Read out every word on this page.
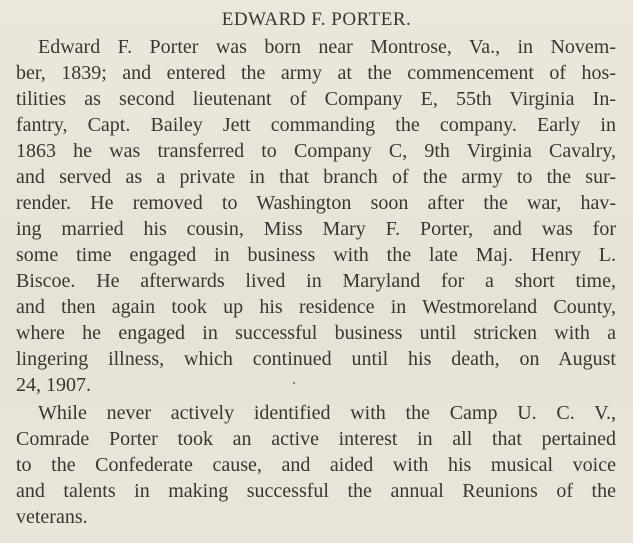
EDWARD F. PORTER.
Edward F. Porter was born near Montrose, Va., in Novem-
ber, 1839; and entered the army at the commencement of hos-
tilities as second lieutenant of Company E, 55th Virginia In-
fantry, Capt. Bailey Jett commanding the company. Early in
1863 he was transferred to Company C, 9th Virginia Cavalry,
and served as a private in that branch of the army to the sur-
render. He removed to Washington soon after the war, hav-
ing married his cousin, Miss Mary F. Porter, and was for
some time engaged in business with the late Maj. Henry L.
Biscoe. He afterwards lived in Maryland for a short time,
and then again took up his residence in Westmoreland County,
where he engaged in successful business until stricken with a
lingering illness, which continued until his death, on August
24, 1907.
While never actively identified with the Camp U. C. V.,
Comrade Porter took an active interest in all that pertained
to the Confederate cause, and aided with his musical voice
and talents in making successful the annual Reunions of the
veterans.
